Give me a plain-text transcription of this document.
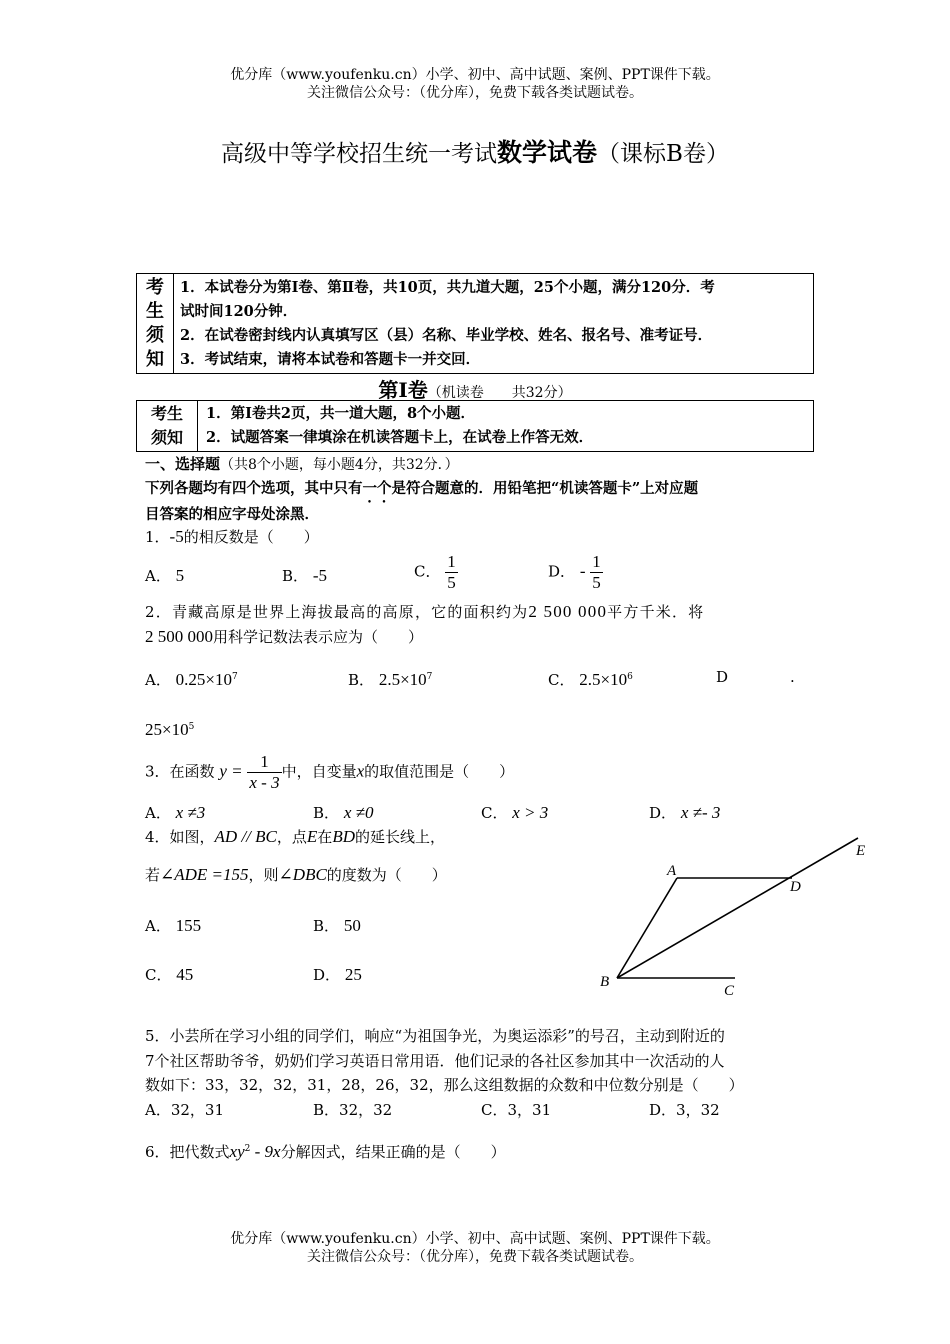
优分库（www.youfenku.cn）小学、初中、高中试题、案例、PPT课件下载。
关注微信公众号：（优分库），免费下载各类试题试卷。
高级中等学校招生统一考试数学试卷（课标B卷）
考
生
须
知

1．本试卷分为第Ⅰ卷、第Ⅱ卷，共10页，共九道大题，25个小题，满分120分．考
试时间120分钟．
2．在试卷密封线内认真填写区（县）名称、毕业学校、姓名、报名号、准考证号．
3．考试结束，请将本试卷和答题卡一并交回．
第Ⅰ卷（机读卷　　共32分）
考生
须知

1．第Ⅰ卷共2页，共一道大题，8个小题．
2．试题答案一律填涂在机读答题卡上，在试卷上作答无效．
一、选择题（共8个小题，每小题4分，共32分．）
下列各题均有四个选项，其中只有一个是符合题意的．用铅笔把“机读答题卡”上对应题
目答案的相应字母处涂黑．
1．-5的相反数是（　　）
A． 5	B． -5	C． $\frac{1}{5}$	D． - $\frac{1}{5}$
2．青藏高原是世界上海拔最高的高原，它的面积约为2 500 000平方千米．将
2 500 000用科学记数法表示应为（　　）
A． $0.25\times 10^7$	B． $2.5\times 10^7$	C． $2.5\times 10^6$	D	.
$25\times 10^5$
3．在函数 $y = \frac{1}{x - 3}$ 中，自变量x的取值范围是（　　）
A． x ≠3	B． x ≠0	C． x > 3	D． x ≠- 3
4．如图，AD // BC，点E在BD的延长线上，
若∠ADE =155，则∠DBC的度数为（　　）
A． 155	B． 50
C． 45	D． 25
A
B
C
D
E
5．小芸所在学习小组的同学们，响应“为祖国争光，为奥运添彩”的号召，主动到附近的
7个社区帮助爷爷，奶奶们学习英语日常用语．他们记录的各社区参加其中一次活动的人
数如下：33，32，32，31，28，26，32，那么这组数据的众数和中位数分别是（　　）
A．32，31	B．32，32	C．3，31	D．3，32
6．把代数式$xy^2 - 9x$分解因式，结果正确的是（　　）
优分库（www.youfenku.cn）小学、初中、高中试题、案例、PPT课件下载。
关注微信公众号：（优分库），免费下载各类试题试卷。
